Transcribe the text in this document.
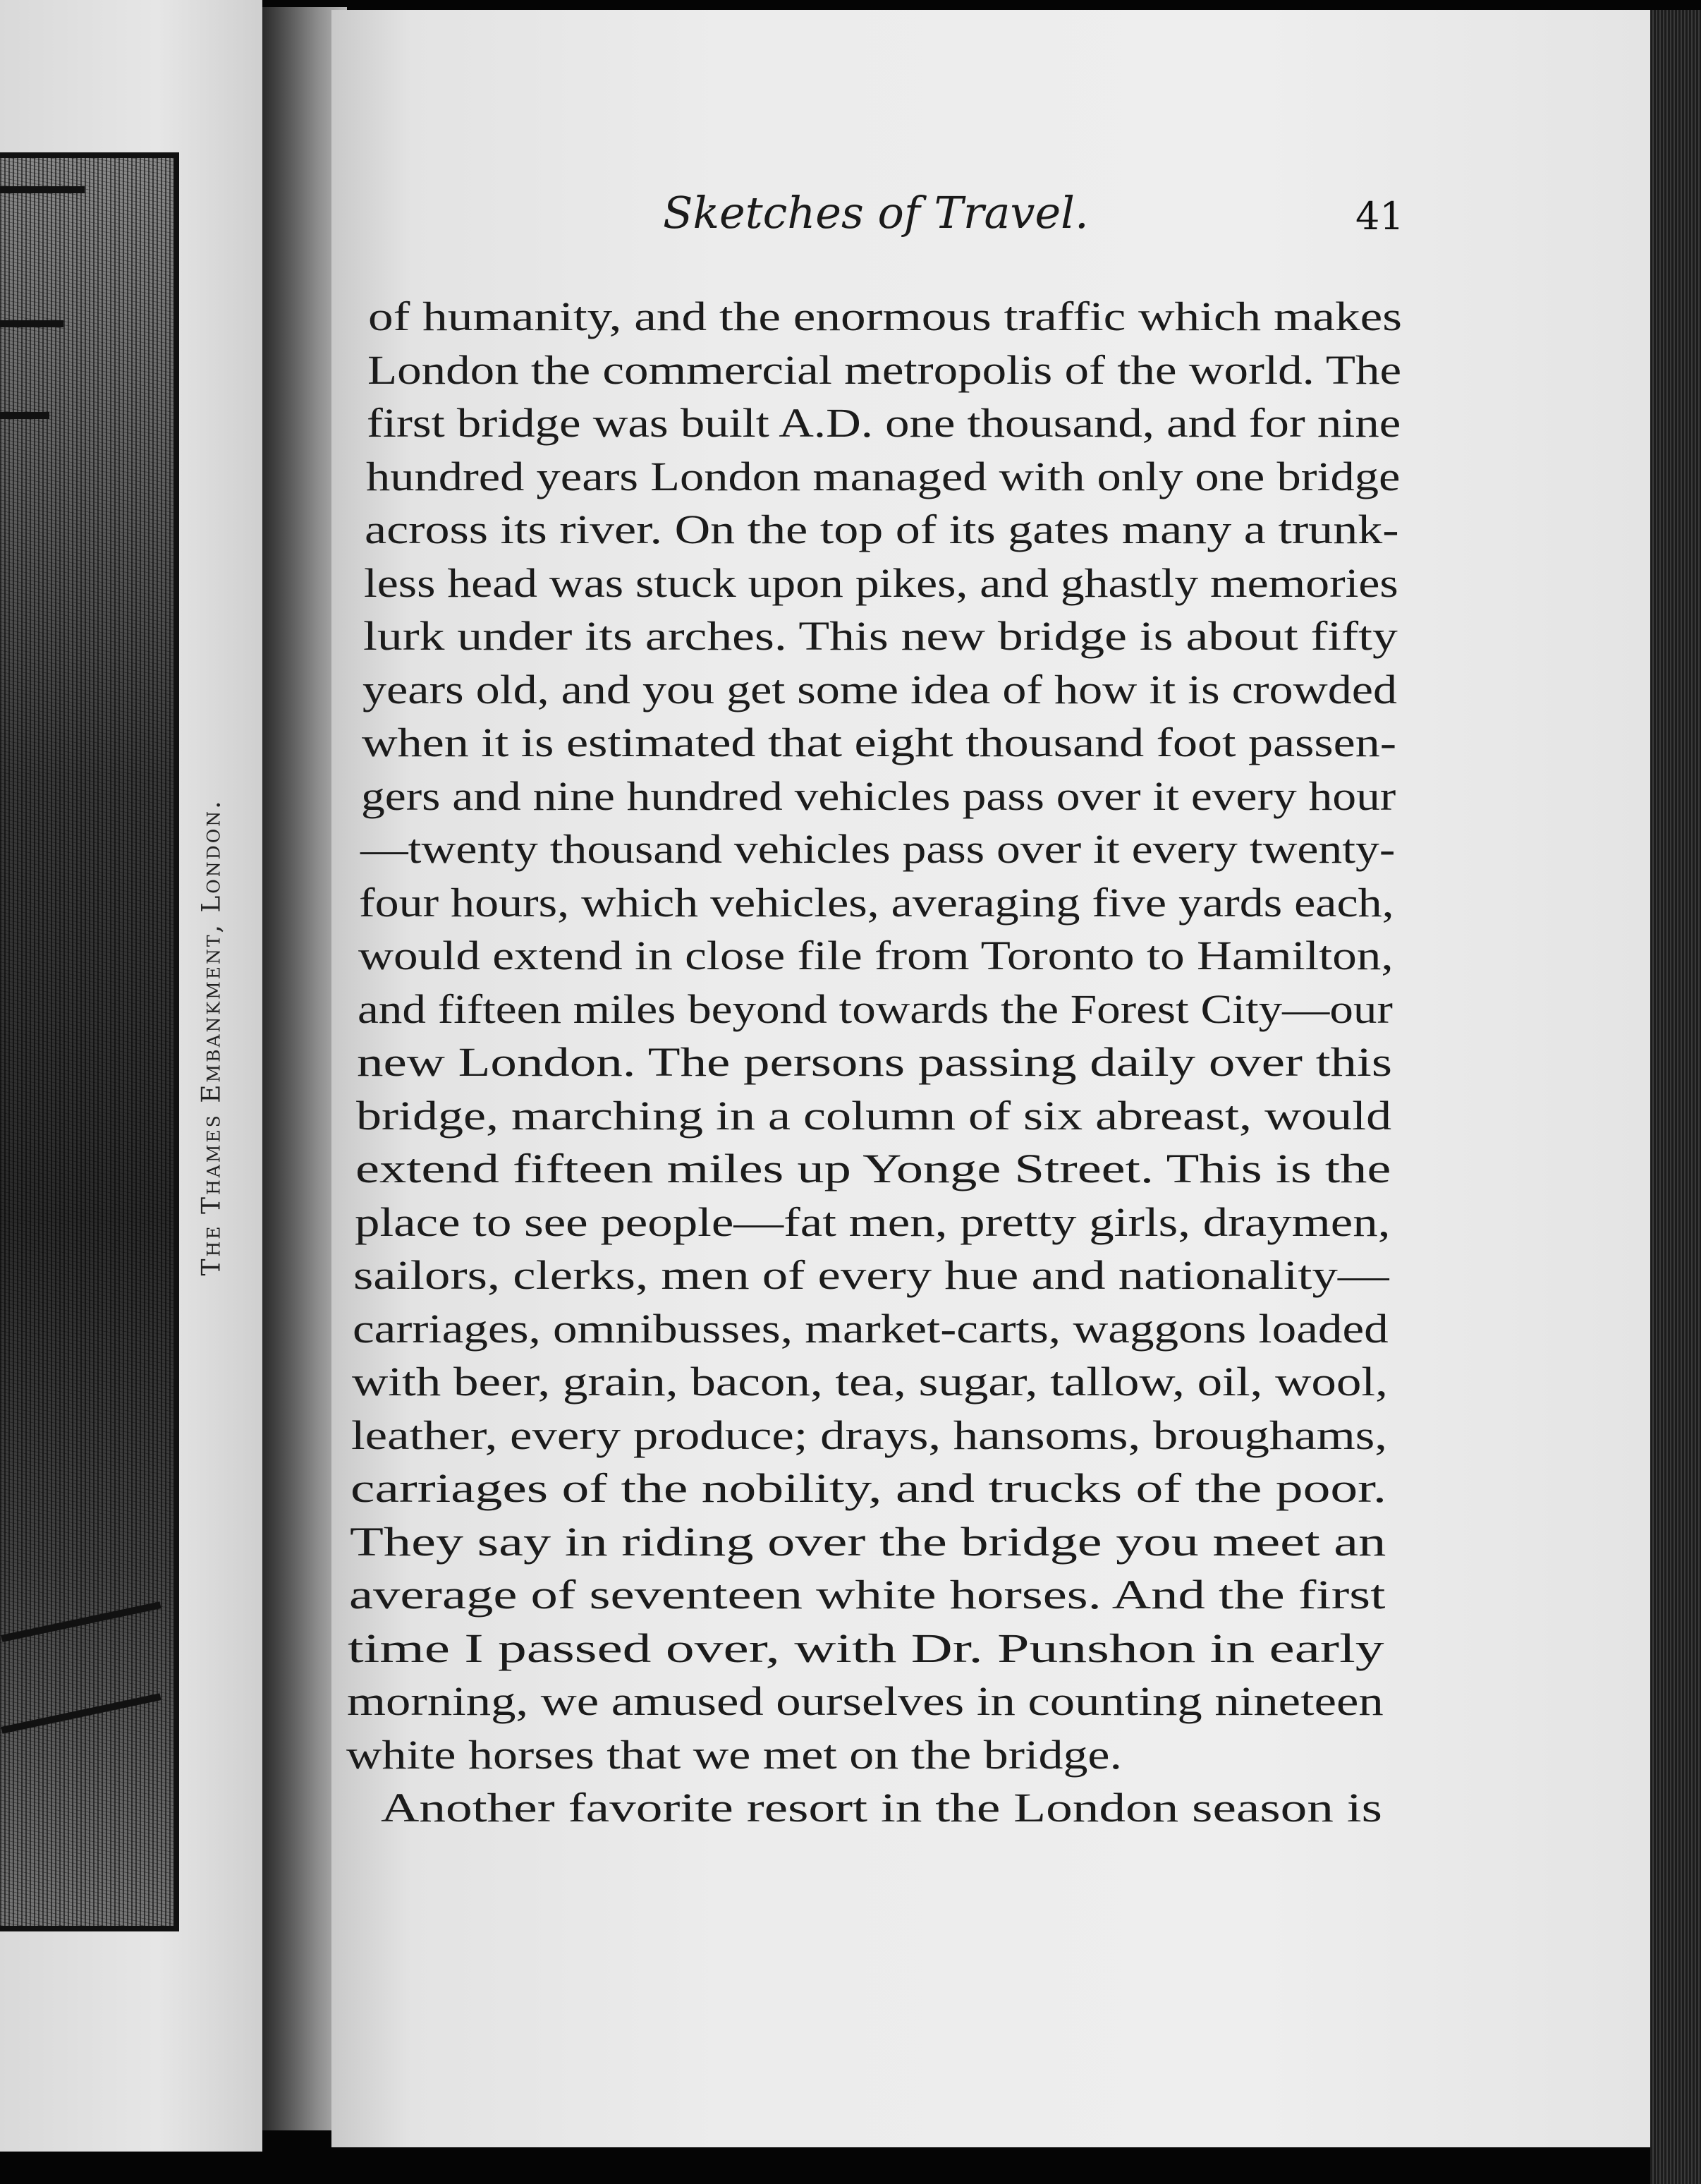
The Thames Embankment, London.
Sketches of Travel.	41
of humanity, and the enormous traffic which makes
London the commercial metropolis of the world. The
first bridge was built A.D. one thousand, and for nine
hundred years London managed with only one bridge
across its river. On the top of its gates many a trunk-
less head was stuck upon pikes, and ghastly memories
lurk under its arches. This new bridge is about fifty
years old, and you get some idea of how it is crowded
when it is estimated that eight thousand foot passen-
gers and nine hundred vehicles pass over it every hour
—twenty thousand vehicles pass over it every twenty-
four hours, which vehicles, averaging five yards each,
would extend in close file from Toronto to Hamilton,
and fifteen miles beyond towards the Forest City—our
new London. The persons passing daily over this
bridge, marching in a column of six abreast, would
extend fifteen miles up Yonge Street. This is the
place to see people—fat men, pretty girls, draymen,
sailors, clerks, men of every hue and nationality—
carriages, omnibusses, market-carts, waggons loaded
with beer, grain, bacon, tea, sugar, tallow, oil, wool,
leather, every produce; drays, hansoms, broughams,
carriages of the nobility, and trucks of the poor.
They say in riding over the bridge you meet an
average of seventeen white horses. And the first
time I passed over, with Dr. Punshon in early
morning, we amused ourselves in counting nineteen
white horses that we met on the bridge.
Another favorite resort in the London season is
